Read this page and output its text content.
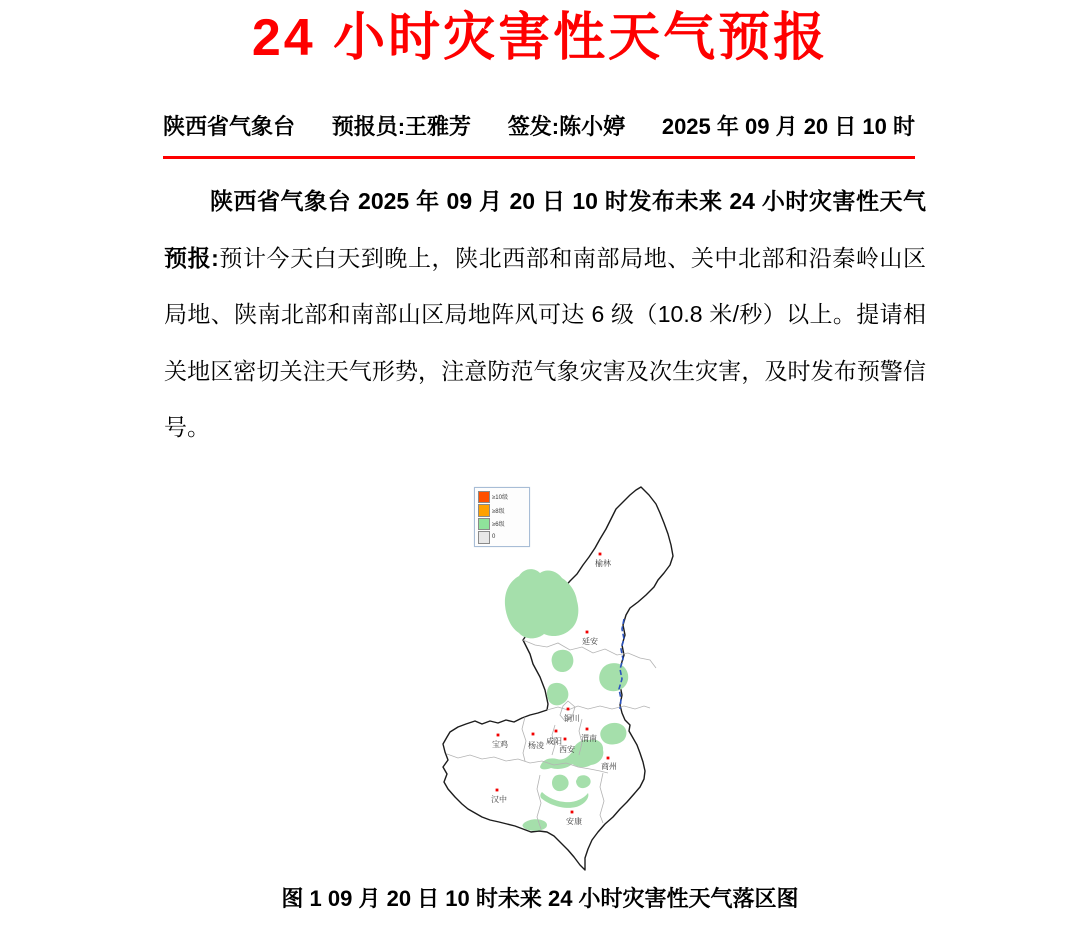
24 小时灾害性天气预报
陕西省气象台 预报员:王雅芳 签发:陈小婷 2025 年 09 月 20 日 10 时

陕西省气象台 2025 年 09 月 20 日 10 时发布未来 24 小时灾害性天气预报:预计今天白天到晚上，陕北西部和南部局地、关中北部和沿秦岭山区局地、陕南北部和南部山区局地阵风可达 6 级（10.8 米/秒）以上。提请相关地区密切关注天气形势，注意防范气象灾害及次生灾害，及时发布预警信号。

榆林
延安
铜川
渭南
宝鸡	杨凌 咸阳
西安
商州
汉中
安康
≥10级
≥8级
≥6级
0
图 1 09 月 20 日 10 时未来 24 小时灾害性天气落区图
